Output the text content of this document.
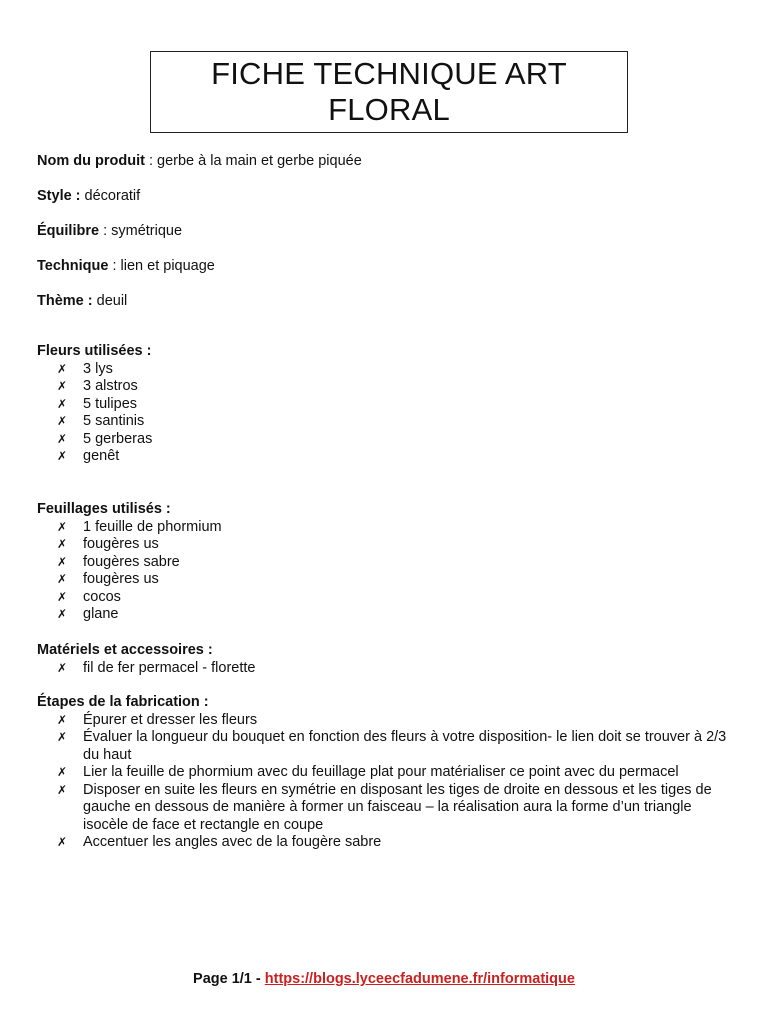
FICHE TECHNIQUE ART
FLORAL
Nom du produit : gerbe à la main et gerbe piquée
Style : décoratif
Équilibre : symétrique
Technique : lien et piquage
Thème : deuil
Fleurs utilisées :
✗ 3 lys
✗ 3 alstros
✗ 5 tulipes
✗ 5 santinis
✗ 5 gerberas
✗ genêt
Feuillages utilisés :
✗ 1 feuille de phormium
✗ fougères us
✗ fougères sabre
✗ fougères us
✗ cocos
✗ glane
Matériels et accessoires :
✗ fil de fer permacel - florette
Étapes de la fabrication :
✗ Épurer et dresser les fleurs
✗ Évaluer la longueur du bouquet en fonction des fleurs à votre disposition- le lien doit se trouver à 2/3 du haut
✗ Lier la feuille de phormium avec du feuillage plat pour matérialiser ce point avec du permacel
✗ Disposer en suite les fleurs en symétrie en disposant les tiges de droite en dessous et les tiges de gauche en dessous de manière à former un faisceau – la réalisation aura la forme d’un triangle isocèle de face et rectangle en coupe
✗ Accentuer les angles avec de la fougère sabre
Page 1/1 - https://blogs.lyceecfadumene.fr/informatique
